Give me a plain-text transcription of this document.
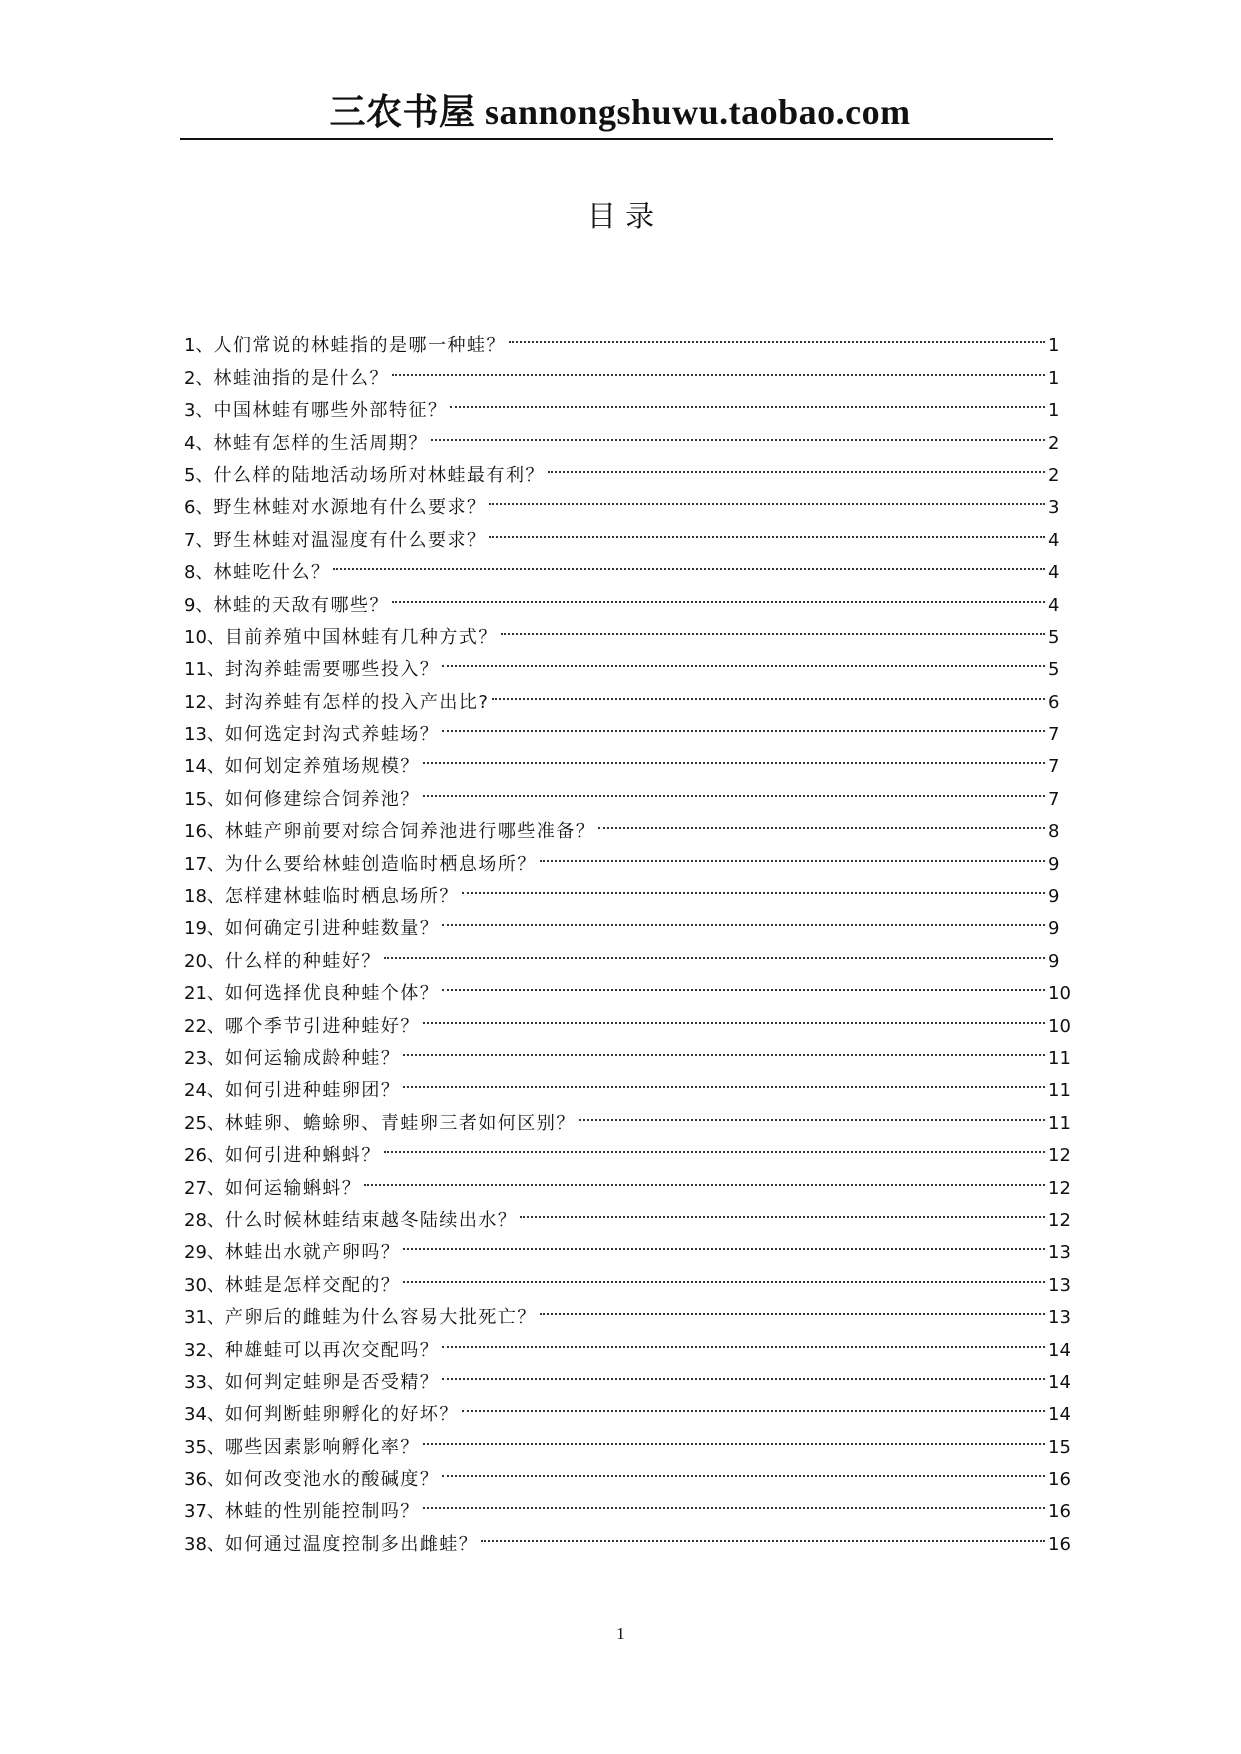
三农书屋 sannongshuwu.taobao.com
目 录
1、 人们常说的林蛙指的是哪一种蛙？	1
2、 林蛙油指的是什么？	1
3、 中国林蛙有哪些外部特征？	1
4、 林蛙有怎样的生活周期？	2
5、 什么样的陆地活动场所对林蛙最有利？	2
6、 野生林蛙对水源地有什么要求？	3
7、 野生林蛙对温湿度有什么要求？	4
8、 林蛙吃什么？	4
9、 林蛙的天敌有哪些？	4
10、 目前养殖中国林蛙有几种方式？	5
11、 封沟养蛙需要哪些投入？	5
12、 封沟养蛙有怎样的投入产出比?	6
13、 如何选定封沟式养蛙场？	7
14、 如何划定养殖场规模？	7
15、 如何修建综合饲养池？	7
16、 林蛙产卵前要对综合饲养池进行哪些准备？	8
17、 为什么要给林蛙创造临时栖息场所？	9
18、 怎样建林蛙临时栖息场所？	9
19、 如何确定引进种蛙数量？	9
20、 什么样的种蛙好？	9
21、 如何选择优良种蛙个体？	10
22、 哪个季节引进种蛙好？	10
23、 如何运输成龄种蛙？	11
24、 如何引进种蛙卵团？	11
25、 林蛙卵、蟾蜍卵、青蛙卵三者如何区别？	11
26、 如何引进种蝌蚪？	12
27、 如何运输蝌蚪？	12
28、 什么时候林蛙结束越冬陆续出水？	12
29、 林蛙出水就产卵吗？	13
30、 林蛙是怎样交配的？	13
31、 产卵后的雌蛙为什么容易大批死亡？	13
32、 种雄蛙可以再次交配吗？	14
33、 如何判定蛙卵是否受精？	14
34、 如何判断蛙卵孵化的好坏？	14
35、 哪些因素影响孵化率？	15
36、 如何改变池水的酸碱度？	16
37、 林蛙的性别能控制吗？	16
38、 如何通过温度控制多出雌蛙？	16
1
